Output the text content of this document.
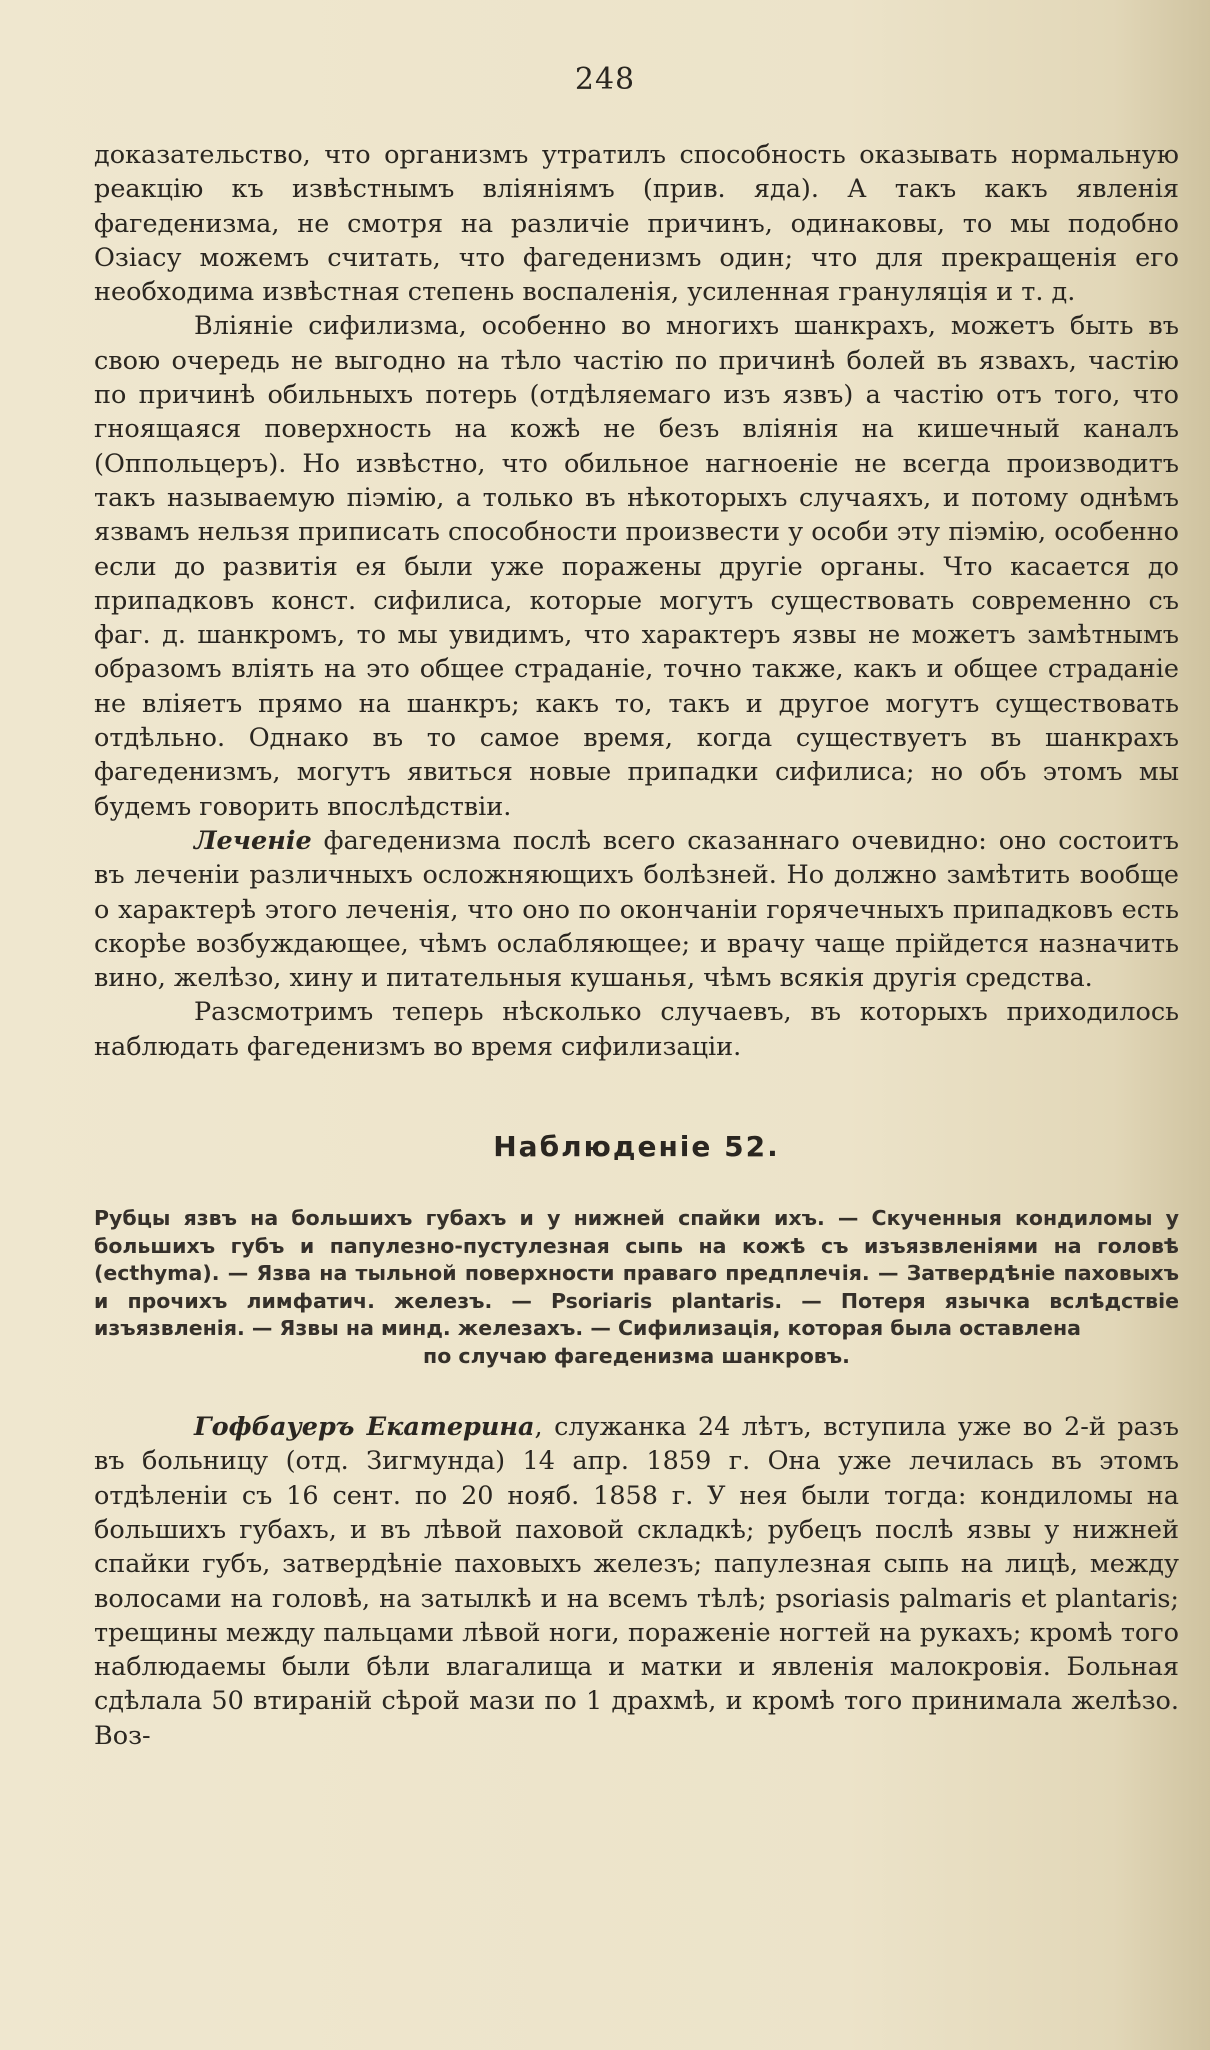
248

доказательство, что организмъ утратилъ способность оказывать нормальную реакцію къ извѣстнымъ вліяніямъ (прив. яда). А такъ какъ явленія фагеденизма, не смотря на различіе причинъ, одинаковы, то мы подобно Озіасу можемъ считать, что фагеденизмъ один; что для прекращенія его необходима извѣстная степень воспаленія, усиленная грануляція и т. д.

Вліяніе сифилизма, особенно во многихъ шанкрахъ, можетъ быть въ свою очередь не выгодно на тѣло частію по причинѣ болей въ язвахъ, частію по причинѣ обильныхъ потерь (отдѣляемаго изъ язвъ) а частію отъ того, что гноящаяся поверхность на кожѣ не безъ вліянія на кишечный каналъ (Оппольцеръ). Но извѣстно, что обильное нагноеніе не всегда производитъ такъ называемую піэмію, а только въ нѣкоторыхъ случаяхъ, и потому однѣмъ язвамъ нельзя приписать способности произвести у особи эту піэмію, особенно если до развитія ея были уже поражены другіе органы. Что касается до припадковъ конст. сифилиса, которые могутъ существовать современно съ фаг. д. шанкромъ, то мы увидимъ, что характеръ язвы не можетъ замѣтнымъ образомъ вліять на это общее страданіе, точно также, какъ и общее страданіе не вліяетъ прямо на шанкръ; какъ то, такъ и другое могутъ существовать отдѣльно. Однако въ то самое время, когда существуетъ въ шанкрахъ фагеденизмъ, могутъ явиться новые припадки сифилиса; но объ этомъ мы будемъ говорить впослѣдствіи.

Леченіе фагеденизма послѣ всего сказаннаго очевидно: оно состоитъ въ леченіи различныхъ осложняющихъ болѣзней. Но должно замѣтить вообще о характерѣ этого леченія, что оно по окончаніи горячечныхъ припадковъ есть скорѣе возбуждающее, чѣмъ ослабляющее; и врачу чаще прійдется назначить вино, желѣзо, хину и питательныя кушанья, чѣмъ всякія другія средства.

Разсмотримъ теперь нѣсколько случаевъ, въ которыхъ приходилось наблюдать фагеденизмъ во время сифилизаціи.

Наблюденіе 52.
Рубцы язвъ на большихъ губахъ и у нижней спайки ихъ. — Скученныя кондиломы у большихъ губъ и папулезно-пустулезная сыпь на кожѣ съ изъязвленіями на головѣ (ecthyma). — Язва на тыльной поверхности праваго предплечія. — Затвердѣніе паховыхъ и прочихъ лимфатич. железъ. — Psoriaris plantaris. — Потеря язычка вслѣдствіе изъязвленія. — Язвы на минд. железахъ. — Сифилизація, которая была оставлена
по случаю фагеденизма шанкровъ.

Гофбауеръ Екатерина, служанка 24 лѣтъ, вступила уже во 2-й разъ въ больницу (отд. Зигмунда) 14 апр. 1859 г. Она уже лечилась въ этомъ отдѣленіи съ 16 сент. по 20 нояб. 1858 г. У нея были тогда: кондиломы на большихъ губахъ, и въ лѣвой паховой складкѣ; рубецъ послѣ язвы у нижней спайки губъ, затвердѣніе паховыхъ железъ; папулезная сыпь на лицѣ, между волосами на головѣ, на затылкѣ и на всемъ тѣлѣ; psoriasis palmaris et plantaris; трещины между пальцами лѣвой ноги, пораженіе ногтей на рукахъ; кромѣ того наблюдаемы были бѣли влагалища и матки и явленія малокровія. Больная сдѣлала 50 втираній сѣрой мази по 1 драхмѣ, и кромѣ того принимала желѣзо. Воз-
